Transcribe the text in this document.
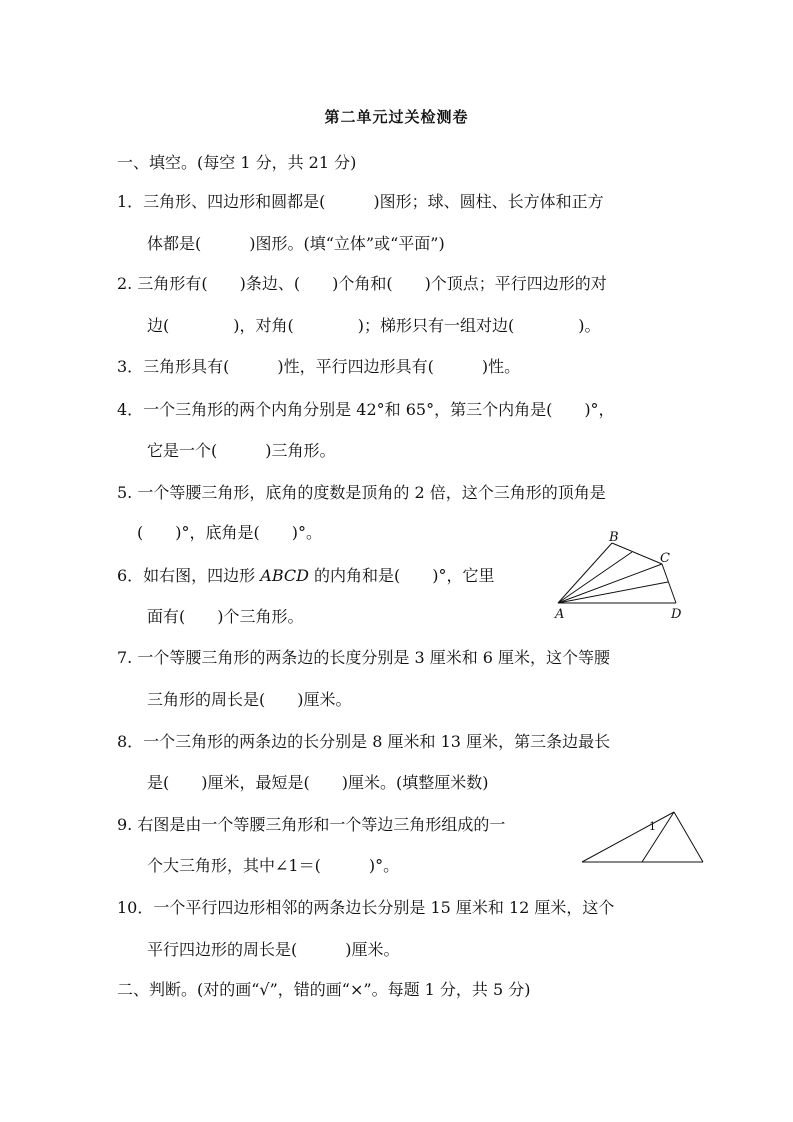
第二单元过关检测卷
一、填空。(每空 1 分，共 21 分)
1．三角形、四边形和圆都是(　　　)图形；球、圆柱、长方体和正方
体都是(　　　)图形。(填“立体”或“平面”)
2. 三角形有(　　)条边、(　　)个角和(　　)个顶点；平行四边形的对
边(　　　　)，对角(　　　　)；梯形只有一组对边(　　　　)。
3．三角形具有(　　　)性，平行四边形具有(　　　)性。
4．一个三角形的两个内角分别是 42°和 65°，第三个内角是(　　)°，
它是一个(　　　)三角形。
5. 一个等腰三角形，底角的度数是顶角的 2 倍，这个三角形的顶角是
(　　)°，底角是(　　)°。
6．如右图，四边形 ABCD 的内角和是(　　)°，它里
面有(　　)个三角形。
B
C
A	D
7. 一个等腰三角形的两条边的长度分别是 3 厘米和 6 厘米，这个等腰
三角形的周长是(　　)厘米。
8．一个三角形的两条边的长分别是 8 厘米和 13 厘米，第三条边最长
是(　　)厘米，最短是(　　)厘米。(填整厘米数)
9. 右图是由一个等腰三角形和一个等边三角形组成的一
个大三角形，其中∠1＝(　　　)°。
1
10．一个平行四边形相邻的两条边长分别是 15 厘米和 12 厘米，这个
平行四边形的周长是(　　　)厘米。
二、判断。(对的画“√”，错的画“×”。每题 1 分，共 5 分)
